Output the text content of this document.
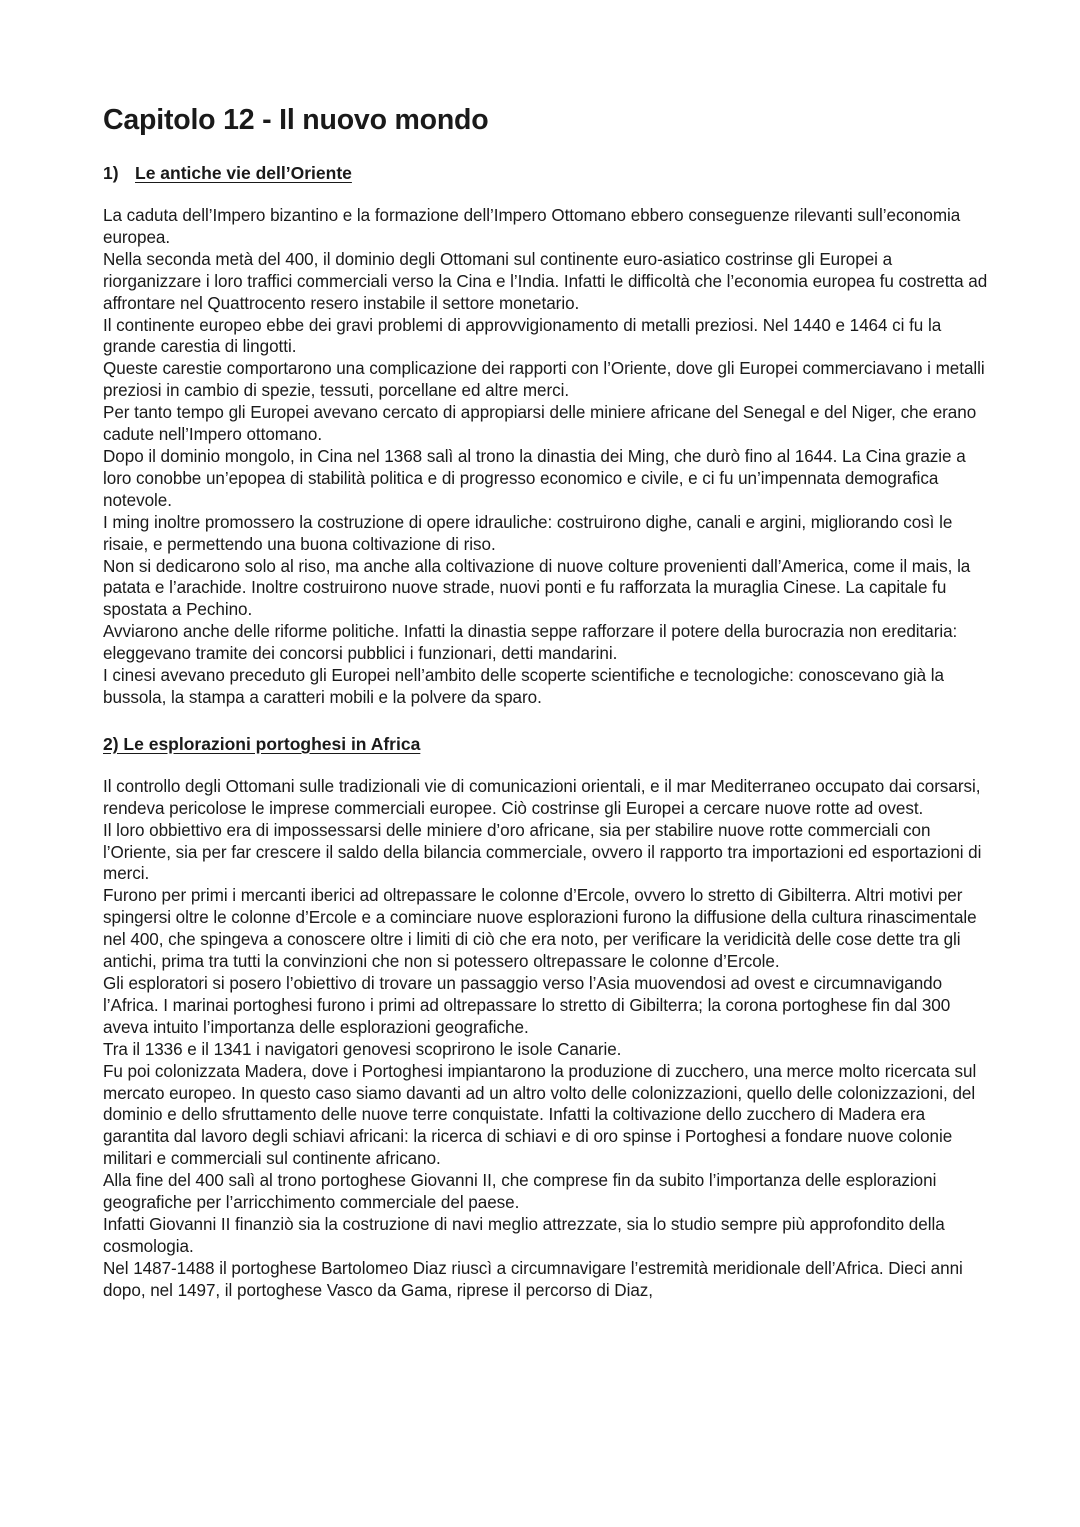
Capitolo 12 - Il nuovo mondo
1) Le antiche vie dell’Oriente

La caduta dell’Impero bizantino e la formazione dell’Impero Ottomano ebbero conseguenze rilevanti sull’economia europea.

Nella seconda metà del 400, il dominio degli Ottomani sul continente euro-asiatico costrinse gli Europei a riorganizzare i loro traffici commerciali verso la Cina e l’India. Infatti le difficoltà che l’economia europea fu costretta ad affrontare nel Quattrocento resero instabile il settore monetario.

Il continente europeo ebbe dei gravi problemi di approvvigionamento di metalli preziosi. Nel 1440 e 1464 ci fu la grande carestia di lingotti.

Queste carestie comportarono una complicazione dei rapporti con l’Oriente, dove gli Europei commerciavano i metalli preziosi in cambio di spezie, tessuti, porcellane ed altre merci.

Per tanto tempo gli Europei avevano cercato di appropiarsi delle miniere africane del Senegal e del Niger, che erano cadute nell’Impero ottomano.

Dopo il dominio mongolo, in Cina nel 1368 salì al trono la dinastia dei Ming, che durò fino al 1644. La Cina grazie a loro conobbe un’epopea di stabilità politica e di progresso economico e civile, e ci fu un’impennata demografica notevole.

I ming inoltre promossero la costruzione di opere idrauliche: costruirono dighe, canali e argini, migliorando così le risaie, e permettendo una buona coltivazione di riso.

Non si dedicarono solo al riso, ma anche alla coltivazione di nuove colture provenienti dall’America, come il mais, la patata e l’arachide. Inoltre costruirono nuove strade, nuovi ponti e fu rafforzata la muraglia Cinese. La capitale fu spostata a Pechino.

Avviarono anche delle riforme politiche. Infatti la dinastia seppe rafforzare il potere della burocrazia non ereditaria: eleggevano tramite dei concorsi pubblici i funzionari, detti mandarini.

I cinesi avevano preceduto gli Europei nell’ambito delle scoperte scientifiche e tecnologiche: conoscevano già la bussola, la stampa a caratteri mobili e la polvere da sparo.

2) Le esplorazioni portoghesi in Africa

Il controllo degli Ottomani sulle tradizionali vie di comunicazioni orientali, e il mar Mediterraneo occupato dai corsarsi, rendeva pericolose le imprese commerciali europee. Ciò costrinse gli Europei a cercare nuove rotte ad ovest.

Il loro obbiettivo era di impossessarsi delle miniere d’oro africane, sia per stabilire nuove rotte commerciali con l’Oriente, sia per far crescere il saldo della bilancia commerciale, ovvero il rapporto tra importazioni ed esportazioni di merci.

Furono per primi i mercanti iberici ad oltrepassare le colonne d’Ercole, ovvero lo stretto di Gibilterra. Altri motivi per spingersi oltre le colonne d’Ercole e a cominciare nuove esplorazioni furono la diffusione della cultura rinascimentale nel 400, che spingeva a conoscere oltre i limiti di ciò che era noto, per verificare la veridicità delle cose dette tra gli antichi, prima tra tutti la convinzioni che non si potessero oltrepassare le colonne d’Ercole.

Gli esploratori si posero l’obiettivo di trovare un passaggio verso l’Asia muovendosi ad ovest e circumnavigando l’Africa. I marinai portoghesi furono i primi ad oltrepassare lo stretto di Gibilterra; la corona portoghese fin dal 300 aveva intuito l’importanza delle esplorazioni geografiche.

Tra il 1336 e il 1341 i navigatori genovesi scoprirono le isole Canarie.

Fu poi colonizzata Madera, dove i Portoghesi impiantarono la produzione di zucchero, una merce molto ricercata sul mercato europeo. In questo caso siamo davanti ad un altro volto delle colonizzazioni, quello delle colonizzazioni, del dominio e dello sfruttamento delle nuove terre conquistate. Infatti la coltivazione dello zucchero di Madera era garantita dal lavoro degli schiavi africani: la ricerca di schiavi e di oro spinse i Portoghesi a fondare nuove colonie militari e commerciali sul continente africano.

Alla fine del 400 salì al trono portoghese Giovanni II, che comprese fin da subito l’importanza delle esplorazioni geografiche per l’arricchimento commerciale del paese.

Infatti Giovanni II finanziò sia la costruzione di navi meglio attrezzate, sia lo studio sempre più approfondito della cosmologia.

Nel 1487-1488 il portoghese Bartolomeo Diaz riuscì a circumnavigare l’estremità meridionale dell’Africa. Dieci anni dopo, nel 1497, il portoghese Vasco da Gama, riprese il percorso di Diaz,
